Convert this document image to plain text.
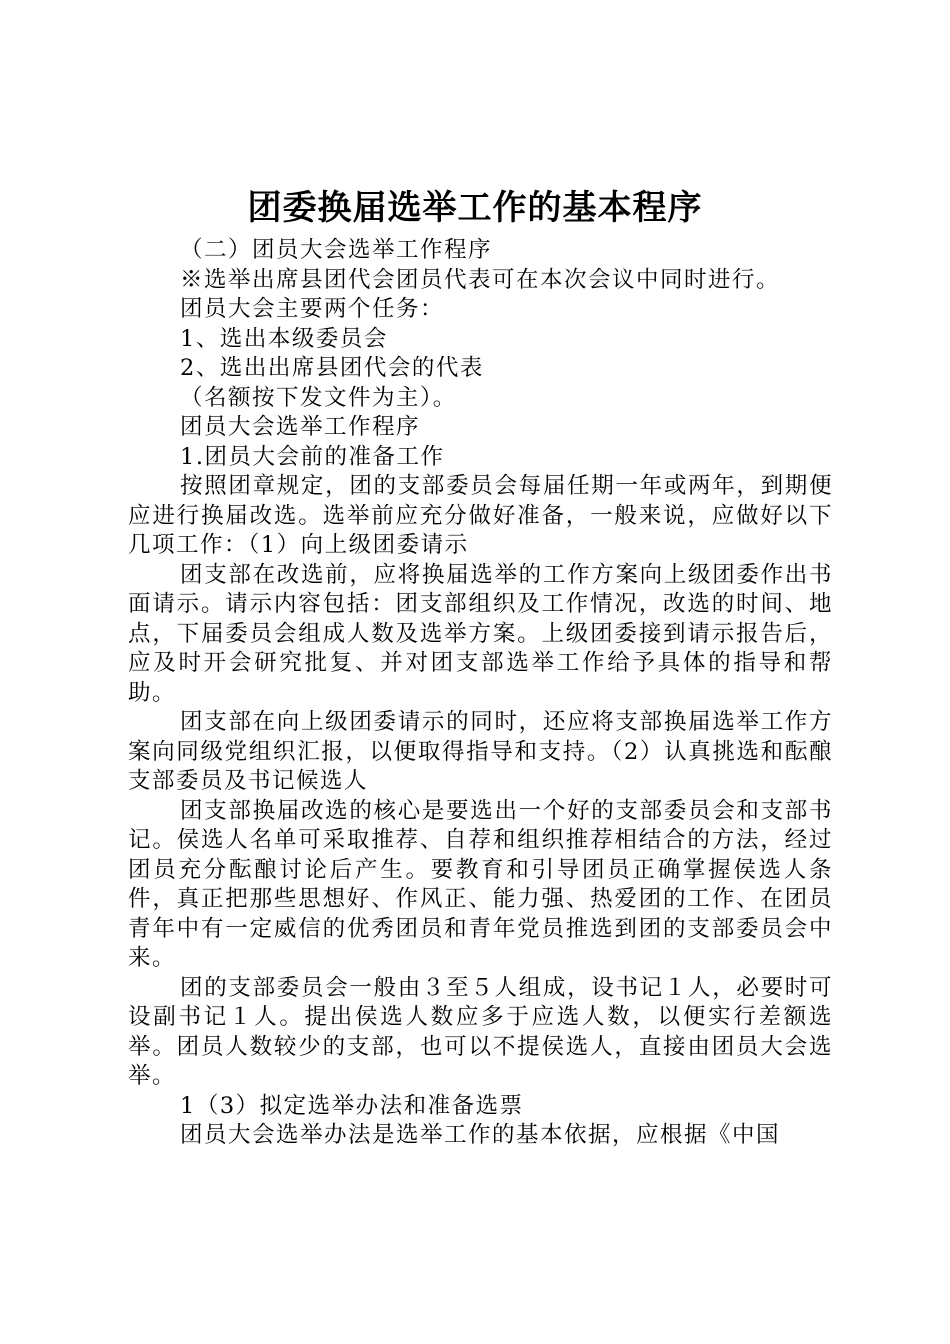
团委换届选举工作的基本程序

（二）团员大会选举工作程序

※选举出席县团代会团员代表可在本次会议中同时进行。

团员大会主要两个任务：

1、选出本级委员会

2、选出出席县团代会的代表

（名额按下发文件为主）。

团员大会选举工作程序

1.团员大会前的准备工作

按照团章规定，团的支部委员会每届任期一年或两年，到期便应进行换届改选。选举前应充分做好准备，一般来说，应做好以下几项工作：（1）向上级团委请示

团支部在改选前，应将换届选举的工作方案向上级团委作出书面请示。请示内容包括：团支部组织及工作情况，改选的时间、地点，下届委员会组成人数及选举方案。上级团委接到请示报告后，应及时开会研究批复、并对团支部选举工作给予具体的指导和帮助。

团支部在向上级团委请示的同时，还应将支部换届选举工作方案向同级党组织汇报，以便取得指导和支持。（2）认真挑选和酝酿支部委员及书记候选人

团支部换届改选的核心是要选出一个好的支部委员会和支部书记。侯选人名单可采取推荐、自荐和组织推荐相结合的方法，经过团员充分酝酿讨论后产生。要教育和引导团员正确掌握侯选人条件，真正把那些思想好、作风正、能力强、热爱团的工作、在团员青年中有一定威信的优秀团员和青年党员推选到团的支部委员会中来。

团的支部委员会一般由３至５人组成，设书记１人，必要时可设副书记１人。提出侯选人数应多于应选人数，以便实行差额选举。团员人数较少的支部，也可以不提侯选人，直接由团员大会选举。

1（3）拟定选举办法和准备选票

团员大会选举办法是选举工作的基本依据，应根据《中国
